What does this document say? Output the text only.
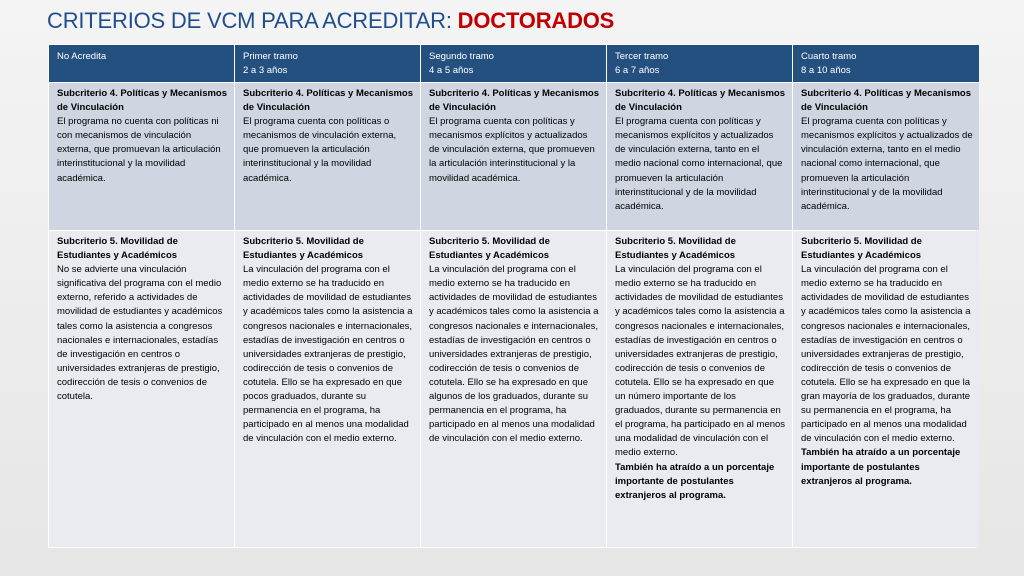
CRITERIOS DE VCM PARA ACREDITAR: DOCTORADOS
No Acredita	Primer tramo
2 a 3 años
Segundo tramo
4 a 5 años
Tercer tramo
6 a 7 años
Cuarto tramo
8 a 10 años
Subcriterio 4. Políticas y Mecanismos de Vinculación
El programa no cuenta con políticas ni con mecanismos de vinculación externa, que promuevan la articulación interinstitucional y la movilidad académica.
Subcriterio 4. Políticas y Mecanismos de Vinculación
El programa cuenta con políticas o mecanismos de vinculación externa, que promueven la articulación interinstitucional y la movilidad académica.
Subcriterio 4. Políticas y Mecanismos de Vinculación
El programa cuenta con políticas y mecanismos explícitos y actualizados de vinculación externa, que promueven la articulación interinstitucional y la movilidad académica.
Subcriterio 4. Políticas y Mecanismos de Vinculación
El programa cuenta con políticas y mecanismos explícitos y actualizados de vinculación externa, tanto en el medio nacional como internacional, que promueven la articulación interinstitucional y de la movilidad académica.
Subcriterio 4. Políticas y Mecanismos de Vinculación
El programa cuenta con políticas y mecanismos explícitos y actualizados de vinculación externa, tanto en el medio nacional como internacional, que promueven la articulación interinstitucional y de la movilidad académica.
Subcriterio 5. Movilidad de Estudiantes y Académicos
No se advierte una vinculación significativa del programa con el medio externo, referido a actividades de movilidad de estudiantes y académicos tales como la asistencia a congresos nacionales e internacionales, estadías de investigación en centros o universidades extranjeras de prestigio, codirección de tesis o convenios de cotutela.
Subcriterio 5. Movilidad de Estudiantes y Académicos
La vinculación del programa con el medio externo se ha traducido en actividades de movilidad de estudiantes y académicos tales como la asistencia a congresos nacionales e internacionales, estadías de investigación en centros o universidades extranjeras de prestigio, codirección de tesis o convenios de cotutela. Ello se ha expresado en que pocos graduados, durante su permanencia en el programa, ha participado en al menos una modalidad de vinculación con el medio externo.
Subcriterio 5. Movilidad de Estudiantes y Académicos
La vinculación del programa con el medio externo se ha traducido en actividades de movilidad de estudiantes y académicos tales como la asistencia a congresos nacionales e internacionales, estadías de investigación en centros o universidades extranjeras de prestigio, codirección de tesis o convenios de cotutela. Ello se ha expresado en que algunos de los graduados, durante su permanencia en el programa, ha participado en al menos una modalidad de vinculación con el medio externo.
Subcriterio 5. Movilidad de Estudiantes y Académicos
La vinculación del programa con el medio externo se ha traducido en actividades de movilidad de estudiantes y académicos tales como la asistencia a congresos nacionales e internacionales, estadías de investigación en centros o universidades extranjeras de prestigio, codirección de tesis o convenios de cotutela. Ello se ha expresado en que un número importante de los graduados, durante su permanencia en el programa, ha participado en al menos una modalidad de vinculación con el medio externo.
También ha atraído a un porcentaje importante de postulantes extranjeros al programa.
Subcriterio 5. Movilidad de Estudiantes y Académicos
La vinculación del programa con el medio externo se ha traducido en actividades de movilidad de estudiantes y académicos tales como la asistencia a congresos nacionales e internacionales, estadías de investigación en centros o universidades extranjeras de prestigio, codirección de tesis o convenios de cotutela. Ello se ha expresado en que la gran mayoría de los graduados, durante su permanencia en el programa, ha participado en al menos una modalidad de vinculación con el medio externo.
También ha atraído a un porcentaje importante de postulantes extranjeros al programa.
